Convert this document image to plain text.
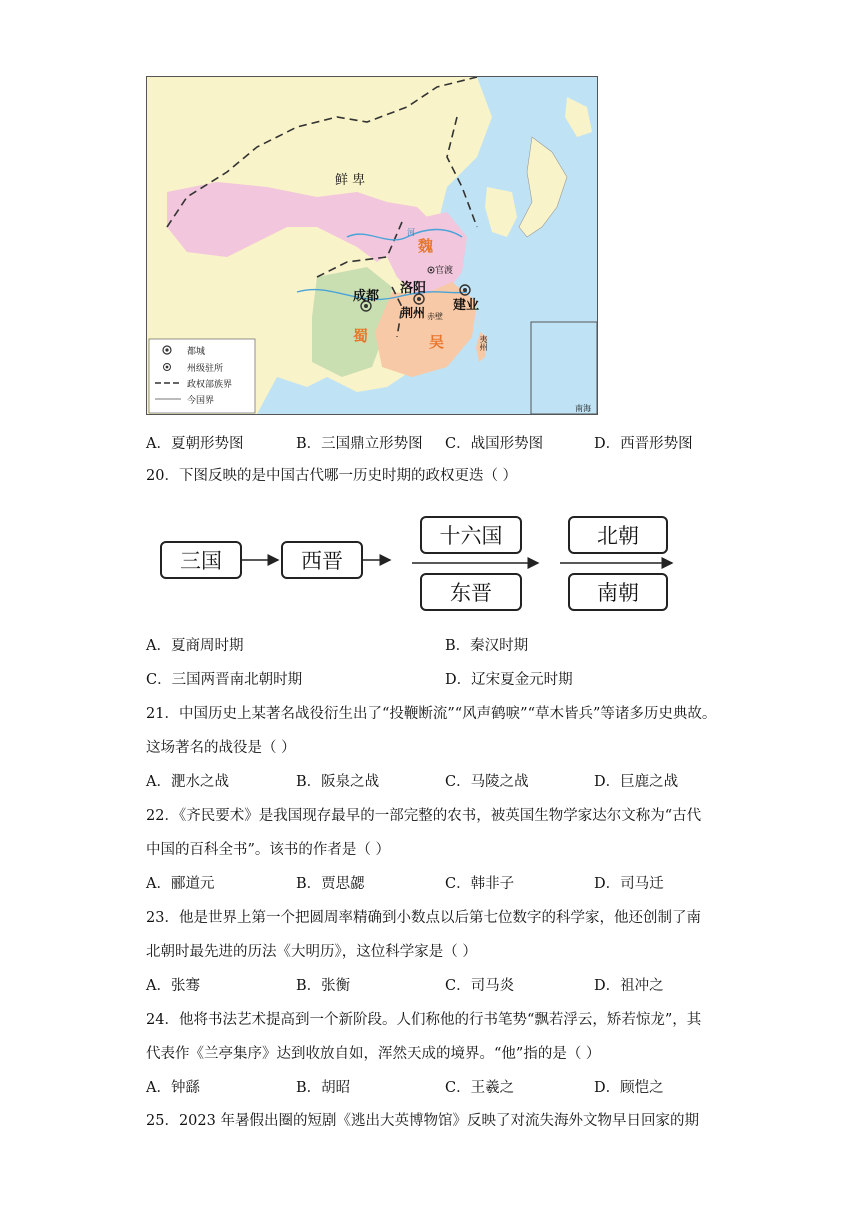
鲜 卑
魏
蜀	吴
成都
洛阳
建业
荆州
官渡
赤壁
夷州
南海
河
都城
州级驻所
政权部族界
今国界
A．夏朝形势图	B．三国鼎立形势图 C．战国形势图	D．西晋形势图
20．下图反映的是中国古代哪一历史时期的政权更迭（ ）
三国	西晋
十六国
东晋
北朝
南朝
A．夏商周时期	B．秦汉时期
C．三国两晋南北朝时期	D．辽宋夏金元时期
21．中国历史上某著名战役衍生出了“投鞭断流”“风声鹤唳”“草木皆兵”等诸多历史典故。
这场著名的战役是（ ）
A．淝水之战	B．阪泉之战	C．马陵之战	D．巨鹿之战
22．《齐民要术》是我国现存最早的一部完整的农书，被英国生物学家达尔文称为“古代
中国的百科全书”。该书的作者是（ ）
A．郦道元	B．贾思勰	C．韩非子	D．司马迁
23．他是世界上第一个把圆周率精确到小数点以后第七位数字的科学家，他还创制了南
北朝时最先进的历法《大明历》，这位科学家是（ ）
A．张骞	B．张衡	C．司马炎	D．祖冲之
24．他将书法艺术提高到一个新阶段。人们称他的行书笔势“飘若浮云，矫若惊龙”，其
代表作《兰亭集序》达到收放自如，浑然天成的境界。“他”指的是（ ）
A．钟繇	B．胡昭	C．王羲之	D．顾恺之
25．2023 年暑假出圈的短剧《逃出大英博物馆》反映了对流失海外文物早日回家的期
